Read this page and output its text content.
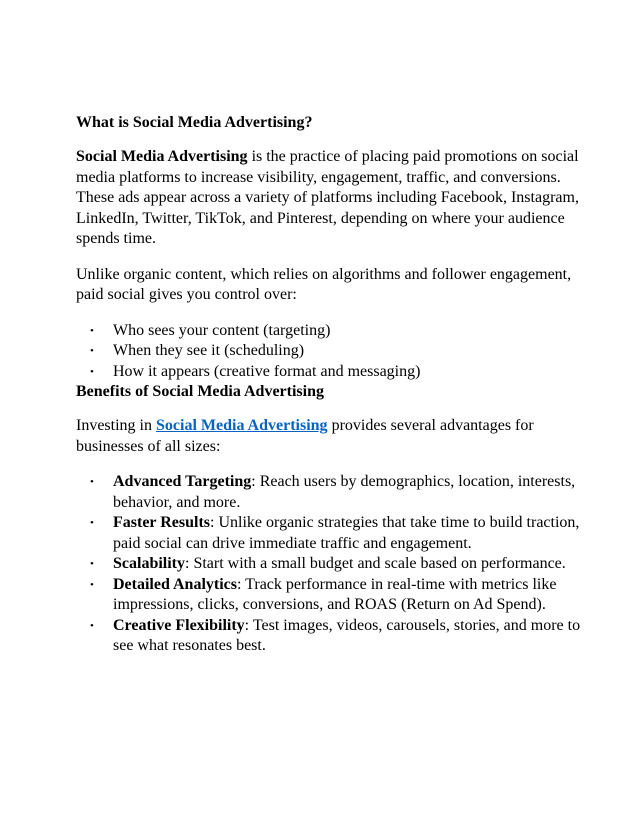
What is Social Media Advertising?

Social Media Advertising is the practice of placing paid promotions on social media platforms to increase visibility, engagement, traffic, and conversions. These ads appear across a variety of platforms including Facebook, Instagram, LinkedIn, Twitter, TikTok, and Pinterest, depending on where your audience spends time.

Unlike organic content, which relies on algorithms and follower engagement, paid social gives you control over:

• Who sees your content (targeting)
• When they see it (scheduling)
• How it appears (creative format and messaging)
Benefits of Social Media Advertising

Investing in Social Media Advertising provides several advantages for businesses of all sizes:

• Advanced Targeting: Reach users by demographics, location, interests, behavior, and more.
• Faster Results: Unlike organic strategies that take time to build traction, paid social can drive immediate traffic and engagement.
• Scalability: Start with a small budget and scale based on performance.
• Detailed Analytics: Track performance in real-time with metrics like impressions, clicks, conversions, and ROAS (Return on Ad Spend).
• Creative Flexibility: Test images, videos, carousels, stories, and more to see what resonates best.
